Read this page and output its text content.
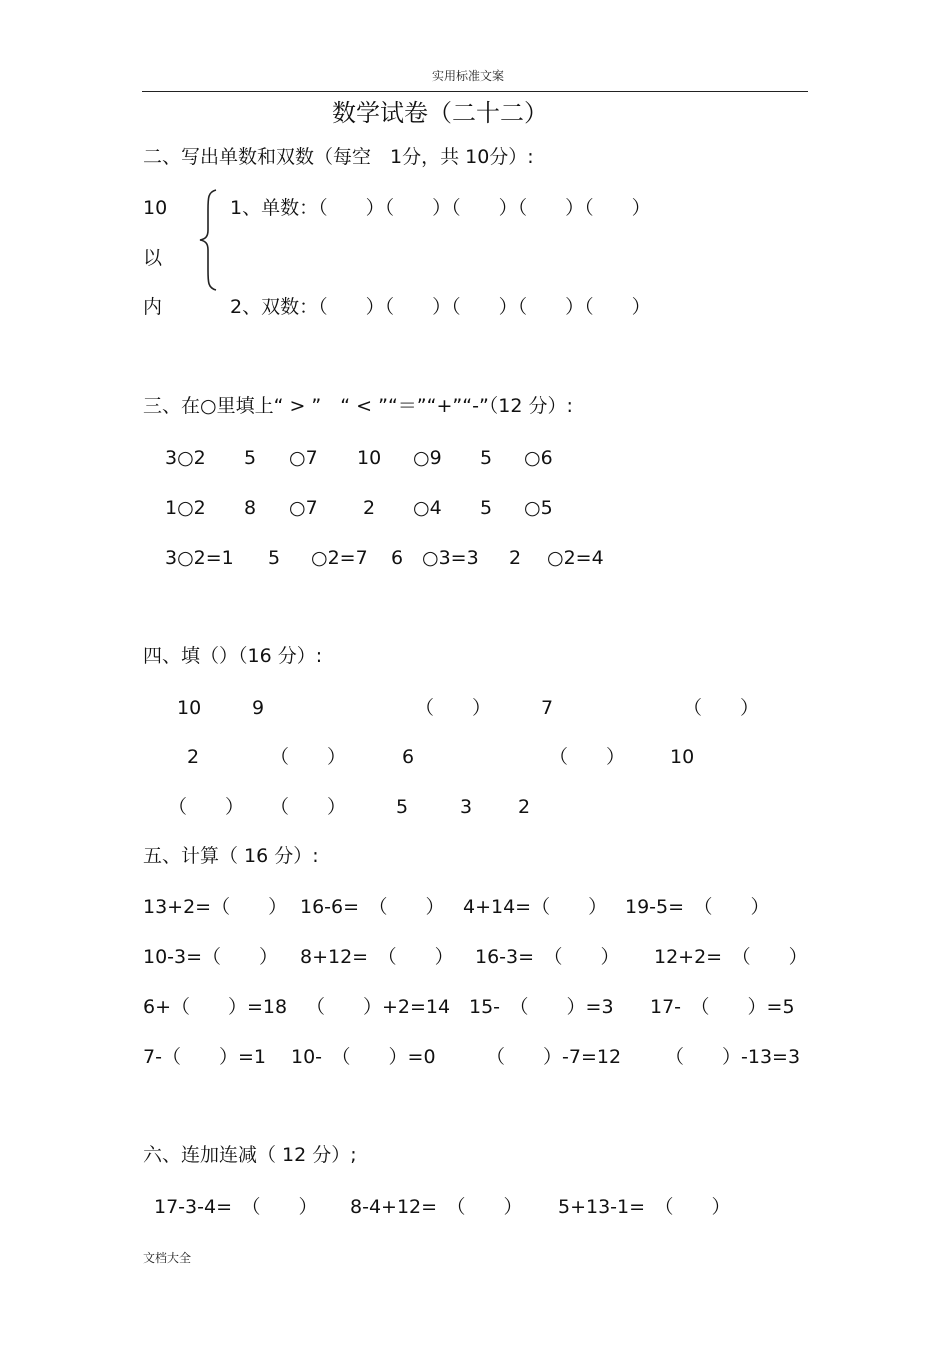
实用标准文案
数学试卷（二十二）
二、写出单数和双数（每空　1分，共 10分）:
10
以
内
1、单数：（　　）（　　）（　　）（　　）（　　）
2、双数：（　　）（　　）（　　）（　　）（　　）
三、在○里填上“ > ”　“ < ”“＝”“+”“-”（12 分）:
3○2 5 ○7 10 ○9 5 ○6
1○2 8 ○7 2 ○4 5 ○5
3○2=1 5 ○2=7 6 ○3=3 2 ○2=4
四、填（）（16 分）:
10	9	（　　）	7	（　　）
2	（　　）	6	（　　） 10
（　　） （　　）	5	3 2
五、计算（ 16 分）:
13+2=（　　） 16-6=　（　　） 4+14=（　　） 19-5=　（　　）
10-3=（　　） 8+12=　（　　） 16-3=　（　　） 12+2=　（　　）
6+（　　）=18 （　　）+2=14 15-　（　　）=3 17-　（　　）=5
7-（　　）=1 10-　（　　）=0	（　　）-7=12 （　　）-13=3
六、连加连减（ 12 分）;
17-3-4=　（　　） 8-4+12=　（　　） 5+13-1=　（　　）
文档大全
